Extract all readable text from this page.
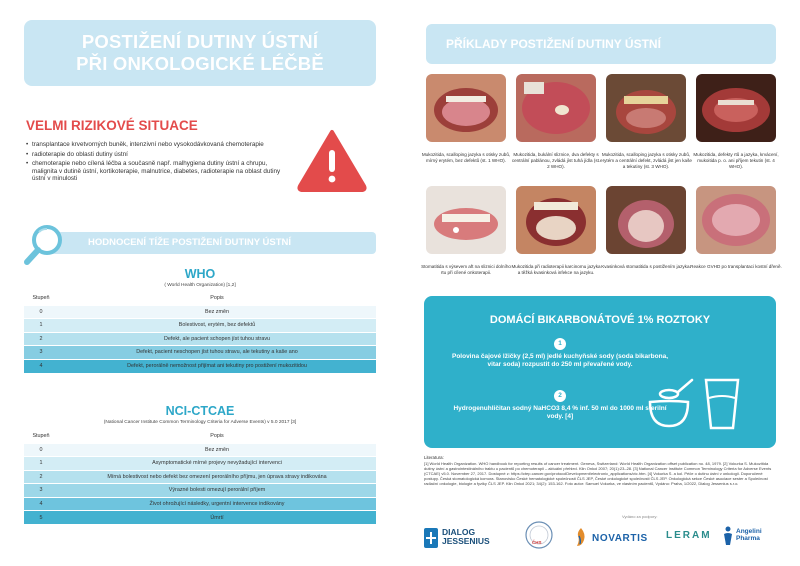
POSTIŽENÍ DUTINY ÚSTNÍ
PŘI ONKOLOGICKÉ LÉČBĚ
VELMI RIZIKOVÉ SITUACE
• transplantace krvetvorných buněk, intenzivní nebo vysokodávkovaná chemoterapie
• radioterapie do oblasti dutiny ústní
• chemoterapie nebo cílená léčba a současně např. malhygiena dutiny ústní a chrupu, malignita v dutině ústní, kortikoterapie, malnutrice, diabetes, radioterapie na oblast dutiny ústní v minulosti
HODNOCENÍ TÍŽE POSTIŽENÍ DUTINY ÚSTNÍ
WHO
( World Health Organization) [1,2]
Stupeň	Popis
0	Bez změn
1	Bolestivost, erytém, bez defektů
2	Defekt, ale pacient schopen jíst tuhou stravu
3	Defekt, pacient neschopen jíst tuhou stravu, ale tekutiny a kaše ano
4	Defekt, perorálně nemožnost přijímat ani tekutiny pro postižení mukozitidou
NCI-CTCAE
(National Cancer Institute Common Terminology Criteria for Adverse Events) v 5.0 2017 [3]
Stupeň	Popis
0	Bez změn
1	Asymptomatické mírné projevy nevyžadující intervenci
2	Mírná bolestivost nebo defekt bez omezení perorálního příjmu, jen úprava stravy indikována
3	Výrazné bolesti omezují perorální příjem
4	Život ohrožující následky, urgentní intervence indikovány
5	Úmrtí
PŘÍKLADY POSTIŽENÍ DUTINY ÚSTNÍ
Mukozitida, scalloping jazyka s otisky zubů, mírný erytém, bez defektů (st. 1 WHO).
Mukozitida, bukální sliznice, dva defekty s centrální pablánou, zvládá jíst tuhá jídla (st. 2 WHO).
Mukozitida, scalloping jazyka s otisky zubů, erytém a centrální defekt, zvládá jíst jen kaše a tekutiny (st. 3 WHO).
Mukozitida, defekty rtů a jazyka, krvácení, mukoitida p. o. ani příjem tekutin (st. 4 WHO).
Stomatitida s výsevem aft na sliznici dolního rtu při cílené onkoterapii.
Mukozitida při radioterapii karcinomu jazyka a těžká kvasinková infekce na jazyku.
Kvasinková stomatitida s postižením jazyka. Reakce GVHD po transplantaci kostní dřeně.
DOMÁCÍ BIKARBONÁTOVÉ 1% ROZTOKY
1
Polovina čajové lžičky (2,5 ml) jedlé kuchyňské sody (soda bikarbona, vitar soda) rozpustit do 250 ml převařené vody.
2
Hydrogenuhličitan sodný NaHCO3 8,4 % inf. 50 ml do 1000 ml sterilní vody. [4]
Literatura:
[1] World Health Organization. WHO handbook for reporting results of cancer treatment. Geneva, Switzerland: World Health Organization offset publication no. 48, 1979. [2] Vokurka S. Mukozitida dutiny ústní a gastrointestinálního traktu u pacientů po chemoterapii – aktuální přehled. Klin Onkol 2007; 20(1):23–28. [3] National Cancer Institute Common Terminology Criteria for Adverse Events (CTCAE) v5.0. November 27, 2017. Dostupné z: https://ctep.cancer.gov/protocolDevelopment/electronic_applications/ctc.htm. [4] Vokurka S. a kol. Péče o dutinu ústní v onkologii. Doporučené postupy. Česká stomatologická komora. Stanovisko České hematologické společnosti ČLS JEP, České onkologické společnosti ČLS JEP. Onkologická sekce České asociace sester a Společnost radiační onkologie, biologie a fyziky ČLS JEP. Klin Onkol 2021; 34(2): 153-162. Foto autor: Samuel Vokurka, ve vlastním pacientů, Vydáno: Praha, 1/2022, Dialog Jessenius s.r.o.
Vydáno za podpory:
DIALOG JESSENIUS	ČHS	NOVARTIS LERAM	Angelini Pharma
